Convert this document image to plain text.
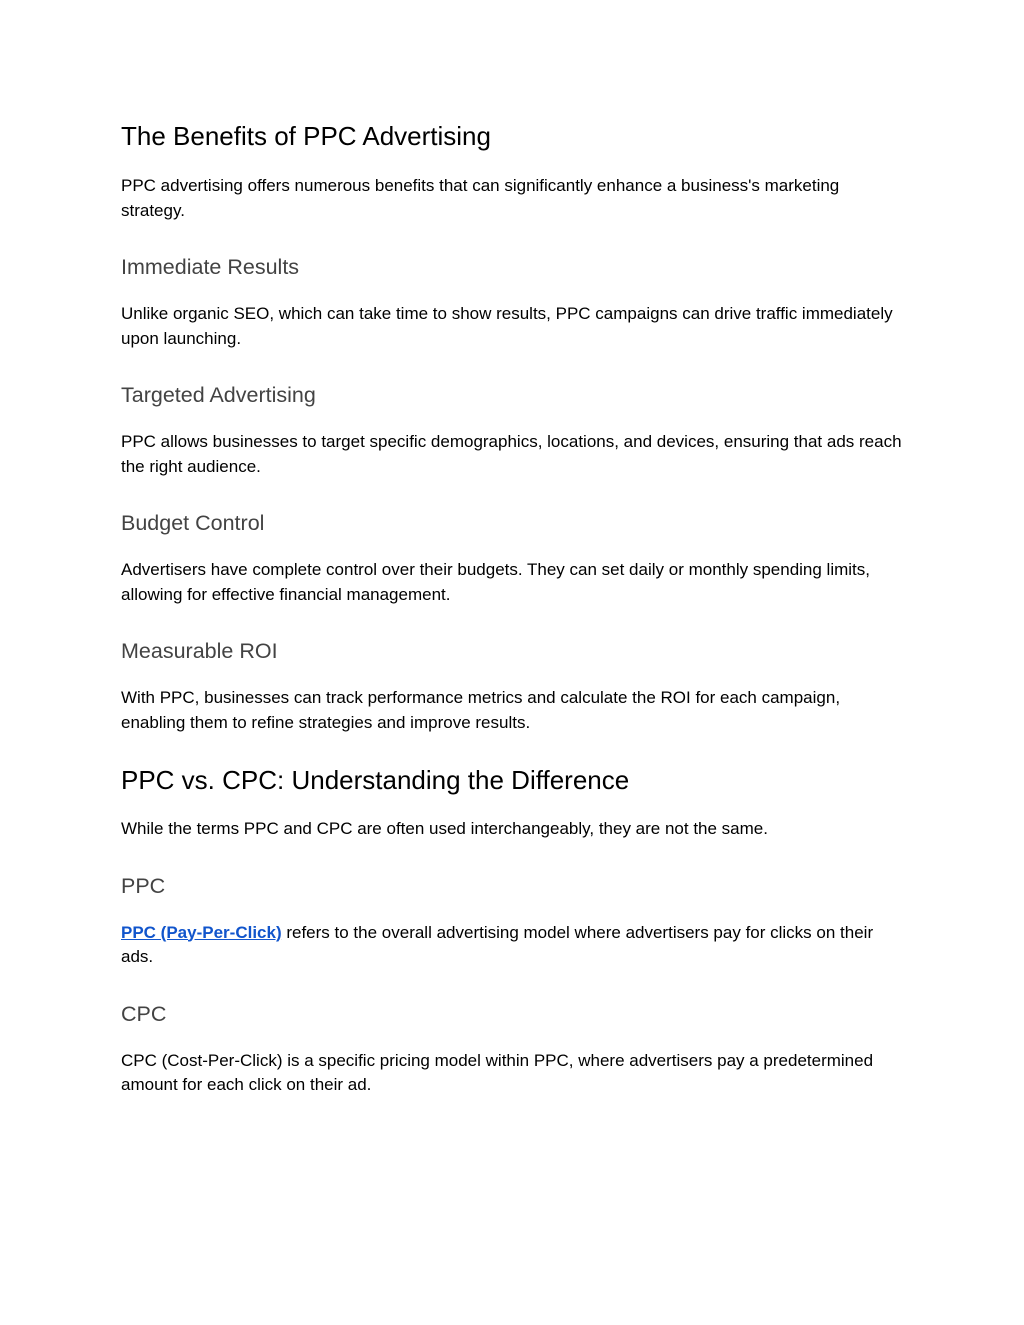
The Benefits of PPC Advertising

PPC advertising offers numerous benefits that can significantly enhance a business's marketing strategy.

Immediate Results

Unlike organic SEO, which can take time to show results, PPC campaigns can drive traffic immediately upon launching.

Targeted Advertising

PPC allows businesses to target specific demographics, locations, and devices, ensuring that ads reach the right audience.

Budget Control

Advertisers have complete control over their budgets. They can set daily or monthly spending limits, allowing for effective financial management.

Measurable ROI

With PPC, businesses can track performance metrics and calculate the ROI for each campaign, enabling them to refine strategies and improve results.

PPC vs. CPC: Understanding the Difference

While the terms PPC and CPC are often used interchangeably, they are not the same.

PPC

PPC (Pay-Per-Click) refers to the overall advertising model where advertisers pay for clicks on their ads.

CPC

CPC (Cost-Per-Click) is a specific pricing model within PPC, where advertisers pay a predetermined amount for each click on their ad.
